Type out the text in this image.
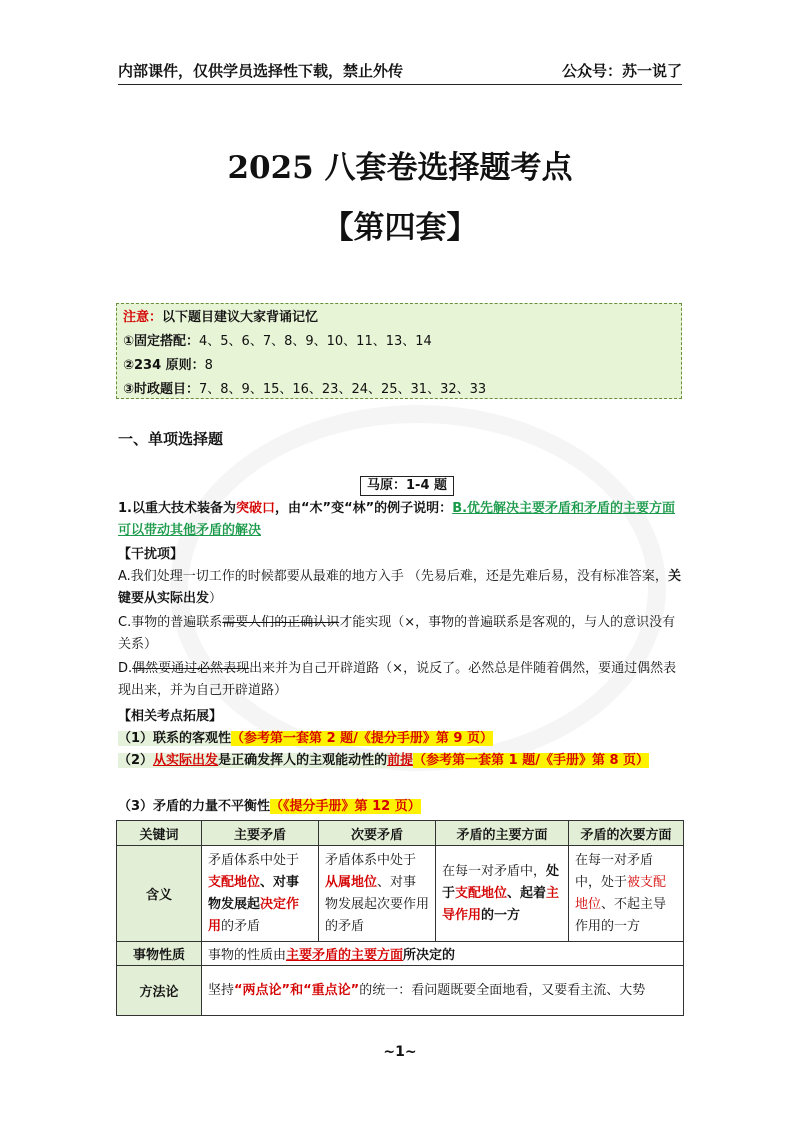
内部课件，仅供学员选择性下载，禁止外传	公众号：苏一说了
2025 八套卷选择题考点
【第四套】
注意：以下题目建议大家背诵记忆
①固定搭配：4、5、6、7、8、9、10、11、13、14
②234 原则：8
③时政题目：7、8、9、15、16、23、24、25、31、32、33
一、单项选择题
马原：1-4 题
1.以重大技术装备为突破口，由“木”变“林”的例子说明：B.优先解决主要矛盾和矛盾的主要方面可以带动其他矛盾的解决
【干扰项】
A.我们处理一切工作的时候都要从最难的地方入手 （先易后难，还是先难后易，没有标准答案，关键要从实际出发）
C.事物的普遍联系需要人们的正确认识才能实现（×，事物的普遍联系是客观的，与人的意识没有关系）
D.偶然要通过必然表现出来并为自己开辟道路（×，说反了。必然总是伴随着偶然，要通过偶然表现出来，并为自己开辟道路）
【相关考点拓展】
（1）联系的客观性（参考第一套第 2 题/《提分手册》第 9 页）
（2）从实际出发是正确发挥人的主观能动性的前提（参考第一套第 1 题/《手册》第 8 页）
（3）矛盾的力量不平衡性（《提分手册》第 12 页）
关键词	主要矛盾	次要矛盾	矛盾的主要方面	矛盾的次要方面
含义	矛盾体系中处于支配地位、对事物发展起决定作用的矛盾	矛盾体系中处于从属地位、对事物发展起次要作用的矛盾	在每一对矛盾中，处于支配地位、起着主导作用的一方	在每一对矛盾中，处于被支配地位、不起主导作用的一方
事物性质	事物的性质由主要矛盾的主要方面所决定的			
方法论	坚持“两点论”和“重点论”的统一：看问题既要全面地看，又要看主流、大势			
~1~
